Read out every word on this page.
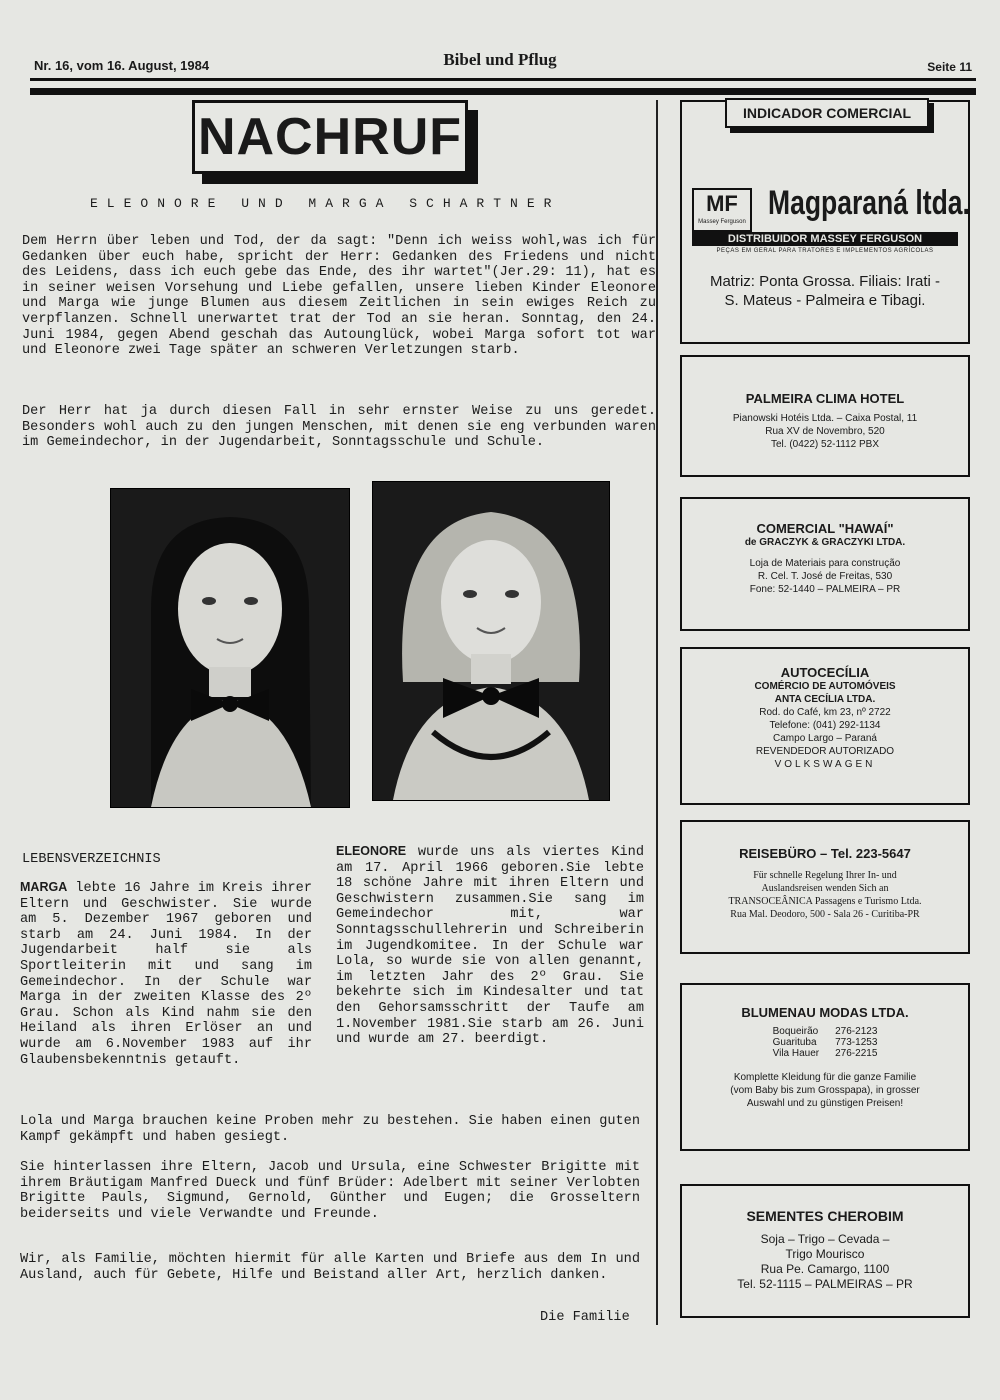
Nr. 16, vom 16. August, 1984	Bibel und Pflug	Seite 11
NACHRUF
ELEONORE UND MARGA SCHARTNER
Dem Herrn über leben und Tod, der da sagt: "Denn ich weiss wohl,was ich für Gedanken über euch habe, spricht der Herr: Gedanken des Friedens und nicht des Leidens, dass ich euch gebe das Ende, des ihr wartet"(Jer.29: 11), hat es in seiner weisen Vorsehung und Liebe gefallen, unsere lieben Kinder Eleonore und Marga wie junge Blumen aus diesem Zeitlichen in sein ewiges Reich zu verpflanzen. Schnell unerwartet trat der Tod an sie heran. Sonntag, den 24. Juni 1984, gegen Abend geschah das Autounglück, wobei Marga sofort tot war und Eleonore zwei Tage später an schweren Verletzungen starb.
Der Herr hat ja durch diesen Fall in sehr ernster Weise zu uns geredet. Besonders wohl auch zu den jungen Menschen, mit denen sie eng verbunden waren im Gemeindechor, in der Jugendarbeit, Sonntagsschule und Schule.
LEBENSVERZEICHNIS
MARGA lebte 16 Jahre im Kreis ihrer Eltern und Geschwister. Sie wurde am 5. Dezember 1967 geboren und starb am 24. Juni 1984. In der Jugendarbeit half sie als Sportleiterin mit und sang im Gemeindechor. In der Schule war Marga in der zweiten Klasse des 2º Grau. Schon als Kind nahm sie den Heiland als ihren Erlöser an und wurde am 6.November 1983 auf ihr Glaubensbekenntnis getauft.
ELEONORE wurde uns als viertes Kind am 17. April 1966 geboren.Sie lebte 18 schöne Jahre mit ihren Eltern und Geschwistern zusammen.Sie sang im Gemeindechor mit, war Sonntagsschullehrerin und Schreiberin im Jugendkomitee. In der Schule war Lola, so wurde sie von allen genannt, im letzten Jahr des 2º Grau. Sie bekehrte sich im Kindesalter und tat den Gehorsamsschritt der Taufe am 1.November 1981.Sie starb am 26. Juni und wurde am 27. beerdigt.
Lola und Marga brauchen keine Proben mehr zu bestehen. Sie haben einen guten Kampf gekämpft und haben gesiegt.
Sie hinterlassen ihre Eltern, Jacob und Ursula, eine Schwester Brigitte mit ihrem Bräutigam Manfred Dueck und fünf Brüder: Adelbert mit seiner Verlobten Brigitte Pauls, Sigmund, Gernold, Günther und Eugen; die Grosseltern beiderseits und viele Verwandte und Freunde.
Wir, als Familie, möchten hiermit für alle Karten und Briefe aus dem In und Ausland, auch für Gebete, Hilfe und Beistand aller Art, herzlich danken.
Die Familie
INDICADOR COMERCIAL
MF
Massey Ferguson Magparaná ltda.
DISTRIBUIDOR MASSEY FERGUSON
PEÇAS EM GERAL PARA TRATORES E IMPLEMENTOS AGRÍCOLAS
Matriz: Ponta Grossa. Filiais: Irati -
S. Mateus - Palmeira e Tibagi.
PALMEIRA CLIMA HOTEL
Pianowski Hotéis Ltda. – Caixa Postal, 11
Rua XV de Novembro, 520
Tel. (0422) 52-1112 PBX
COMERCIAL "HAWAÍ"
de GRACZYK & GRACZYKI LTDA.
Loja de Materiais para construção
R. Cel. T. José de Freitas, 530
Fone: 52-1440 – PALMEIRA – PR
AUTOCECÍLIA
COMÉRCIO DE AUTOMÓVEIS
ANTA CECÍLIA LTDA.
Rod. do Café, km 23, nº 2722
Telefone: (041) 292-1134
Campo Largo – Paraná
REVENDEDOR AUTORIZADO
VOLKSWAGEN
REISEBÜRO – Tel. 223-5647
Für schnelle Regelung Ihrer In- und
Auslandsreisen wenden Sich an
TRANSOCEÂNICA Passagens e Turismo Ltda.
Rua Mal. Deodoro, 500 - Sala 26 - Curitiba-PR
BLUMENAU MODAS LTDA.
Boqueirão	276-2123
Guarituba	773-1253
Vila Hauer	276-2215
Komplette Kleidung für die ganze Familie
(vom Baby bis zum Grosspapa), in grosser
Auswahl und zu günstigen Preisen!
SEMENTES CHEROBIM
Soja – Trigo – Cevada –
Trigo Mourisco
Rua Pe. Camargo, 1100
Tel. 52-1115 – PALMEIRAS – PR
